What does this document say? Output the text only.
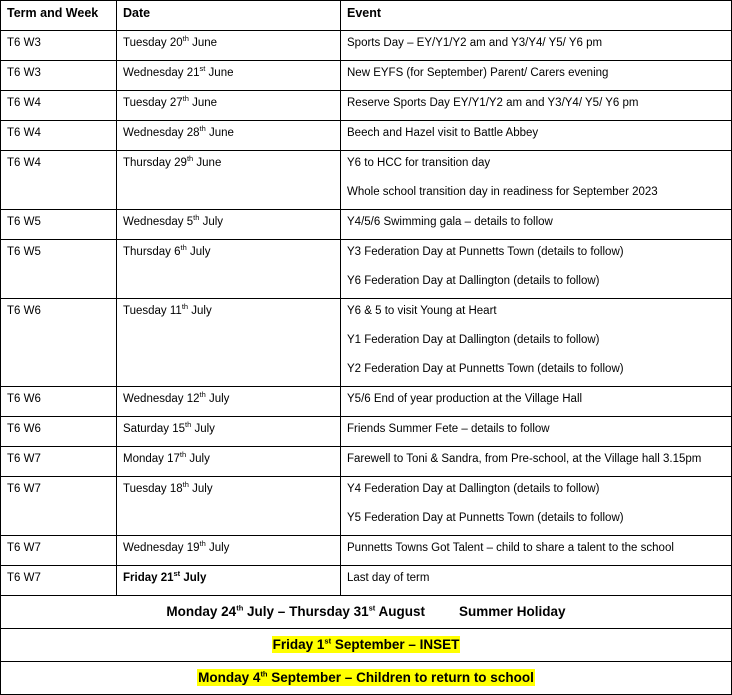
Term and Week	Date	Event

T6 W3	Tuesday 20th June	Sports Day – EY/Y1/Y2 am and Y3/Y4/ Y5/ Y6 pm

T6 W3	Wednesday 21st June	New EYFS (for September) Parent/ Carers evening

T6 W4	Tuesday 27th June	Reserve Sports Day EY/Y1/Y2 am and Y3/Y4/ Y5/ Y6 pm

T6 W4	Wednesday 28th June	Beech and Hazel visit to Battle Abbey

T6 W4	Thursday 29th June	Y6 to HCC for transition day
Whole school transition day in readiness for September 2023

T6 W5	Wednesday 5th July	Y4/5/6 Swimming gala – details to follow

T6 W5	Thursday 6th July	Y3 Federation Day at Punnetts Town (details to follow)
Y6 Federation Day at Dallington (details to follow)

T6 W6	Tuesday 11th July	Y6 & 5 to visit Young at Heart
Y1 Federation Day at Dallington (details to follow)
Y2 Federation Day at Punnetts Town (details to follow)

T6 W6	Wednesday 12th July	Y5/6 End of year production at the Village Hall

T6 W6	Saturday 15th July	Friends Summer Fete – details to follow

T6 W7	Monday 17th July	Farewell to Toni & Sandra, from Pre-school, at the Village hall 3.15pm

T6 W7	Tuesday 18th July	Y4 Federation Day at Dallington (details to follow)
Y5 Federation Day at Punnetts Town (details to follow)

T6 W7	Wednesday 19th July	Punnetts Towns Got Talent – child to share a talent to the school

T6 W7	Friday 21st July	Last day of term

Monday 24th July – Thursday 31st August Summer Holiday		
Friday 1st September – INSET		
Monday 4th September – Children to return to school		
